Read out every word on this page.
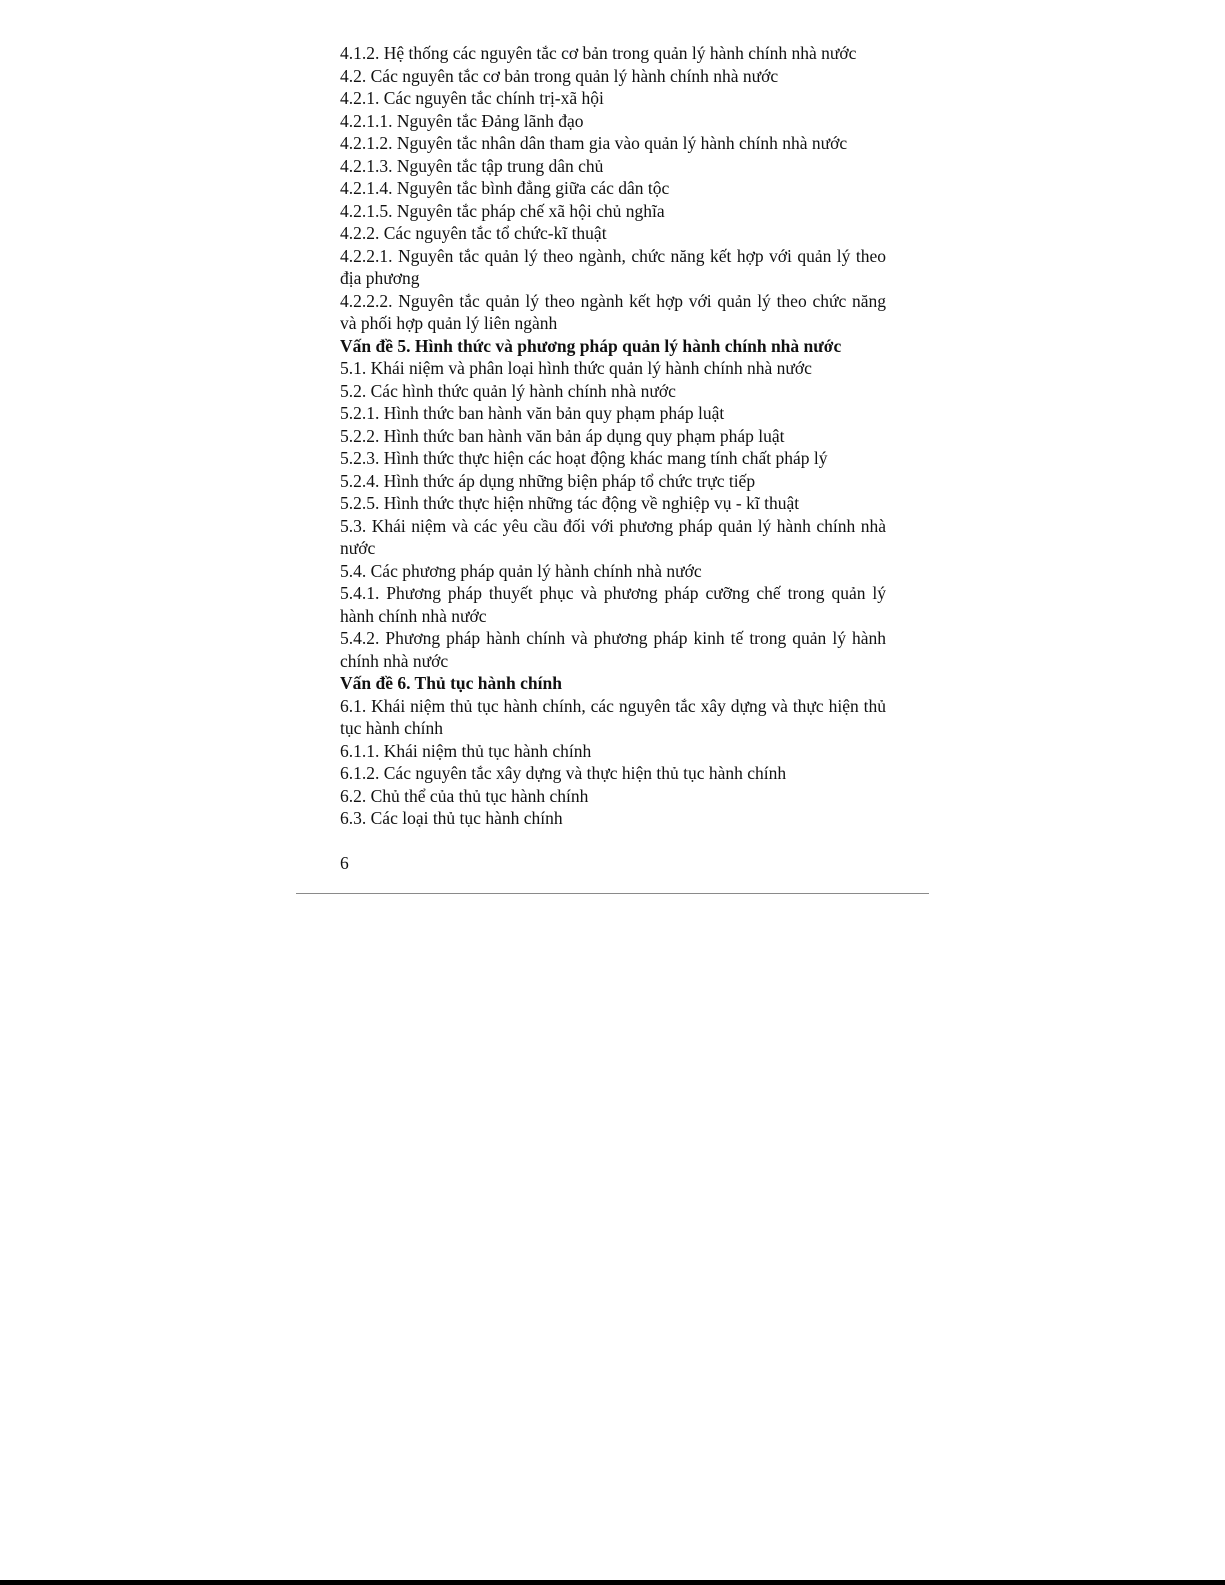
4.1.2. Hệ thống các nguyên tắc cơ bản trong quản lý hành chính nhà nước

4.2. Các nguyên tắc cơ bản trong quản lý hành chính nhà nước

4.2.1. Các nguyên tắc chính trị-xã hội

4.2.1.1. Nguyên tắc Đảng lãnh đạo

4.2.1.2. Nguyên tắc nhân dân tham gia vào quản lý hành chính nhà nước

4.2.1.3. Nguyên tắc tập trung dân chủ

4.2.1.4. Nguyên tắc bình đẳng giữa các dân tộc

4.2.1.5. Nguyên tắc pháp chế xã hội chủ nghĩa

4.2.2. Các nguyên tắc tổ chức-kĩ thuật

4.2.2.1. Nguyên tắc quản lý theo ngành, chức năng kết hợp với quản lý theo địa phương

4.2.2.2. Nguyên tắc quản lý theo ngành kết hợp với quản lý theo chức năng và phối hợp quản lý liên ngành

Vấn đề 5. Hình thức và phương pháp quản lý hành chính nhà nước

5.1. Khái niệm và phân loại hình thức quản lý hành chính nhà nước

5.2. Các hình thức quản lý hành chính nhà nước

5.2.1. Hình thức ban hành văn bản quy phạm pháp luật

5.2.2. Hình thức ban hành văn bản áp dụng quy phạm pháp luật

5.2.3. Hình thức thực hiện các hoạt động khác mang tính chất pháp lý

5.2.4. Hình thức áp dụng những biện pháp tổ chức trực tiếp

5.2.5. Hình thức thực hiện những tác động về nghiệp vụ - kĩ thuật

5.3. Khái niệm và các yêu cầu đối với phương pháp quản lý hành chính nhà nước

5.4. Các phương pháp quản lý hành chính nhà nước

5.4.1. Phương pháp thuyết phục và phương pháp cưỡng chế trong quản lý hành chính nhà nước

5.4.2. Phương pháp hành chính và phương pháp kinh tế trong quản lý hành chính nhà nước

Vấn đề 6. Thủ tục hành chính

6.1. Khái niệm thủ tục hành chính, các nguyên tắc xây dựng và thực hiện thủ tục hành chính

6.1.1. Khái niệm thủ tục hành chính

6.1.2. Các nguyên tắc xây dựng và thực hiện thủ tục hành chính

6.2. Chủ thể của thủ tục hành chính

6.3. Các loại thủ tục hành chính

6
